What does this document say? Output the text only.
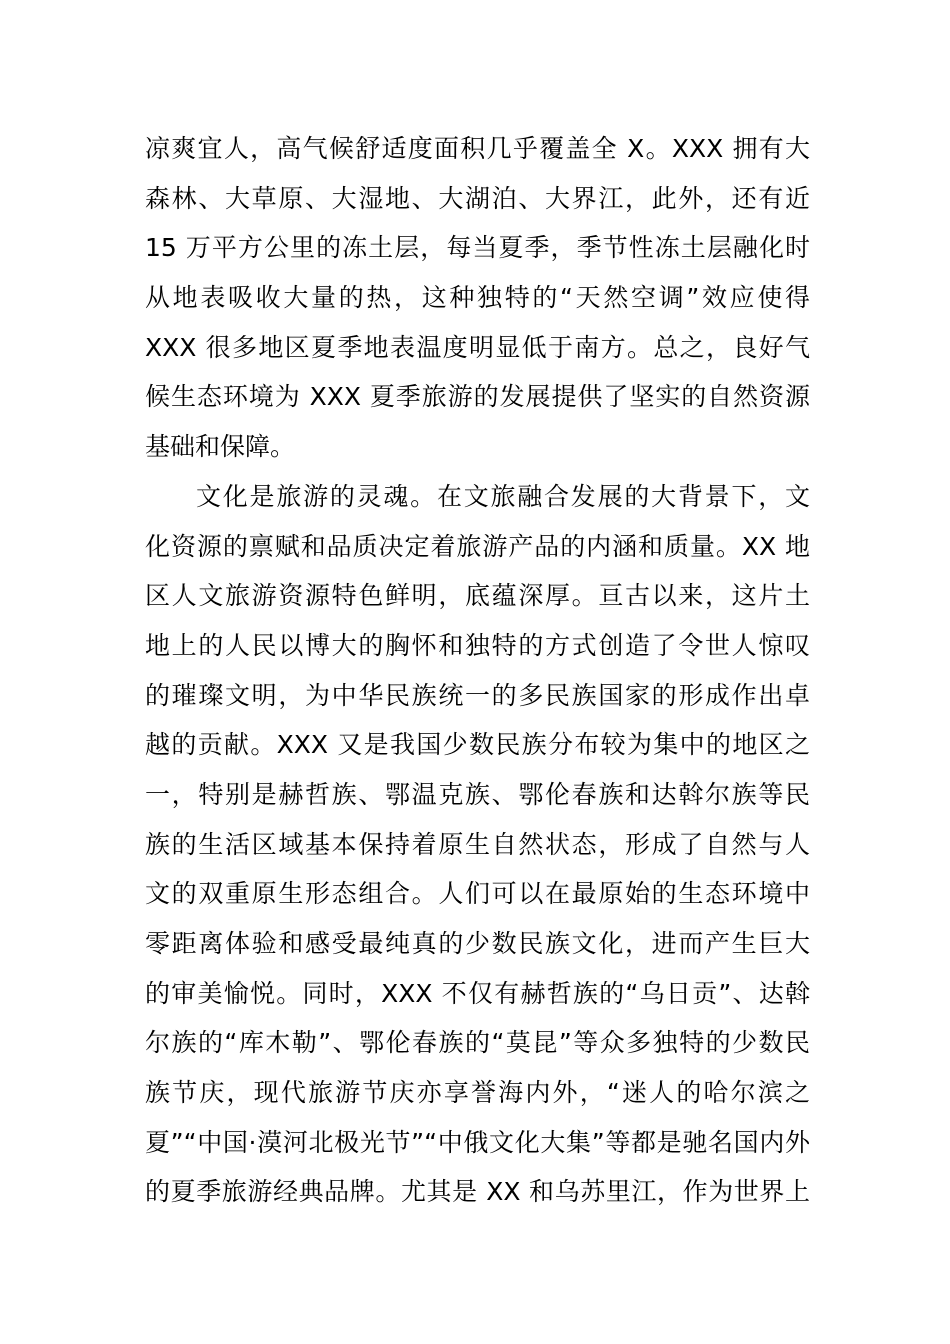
凉爽宜人，高气候舒适度面积几乎覆盖全 X。XXX 拥有大
森林、大草原、大湿地、大湖泊、大界江，此外，还有近
15 万平方公里的冻土层，每当夏季，季节性冻土层融化时
从地表吸收大量的热，这种独特的“天然空调”效应使得
XXX 很多地区夏季地表温度明显低于南方。总之，良好气
候生态环境为 XXX 夏季旅游的发展提供了坚实的自然资源
基础和保障。
文化是旅游的灵魂。在文旅融合发展的大背景下，文
化资源的禀赋和品质决定着旅游产品的内涵和质量。XX 地
区人文旅游资源特色鲜明，底蕴深厚。亘古以来，这片土
地上的人民以博大的胸怀和独特的方式创造了令世人惊叹
的璀璨文明，为中华民族统一的多民族国家的形成作出卓
越的贡献。XXX 又是我国少数民族分布较为集中的地区之
一，特别是赫哲族、鄂温克族、鄂伦春族和达斡尔族等民
族的生活区域基本保持着原生自然状态，形成了自然与人
文的双重原生形态组合。人们可以在最原始的生态环境中
零距离体验和感受最纯真的少数民族文化，进而产生巨大
的审美愉悦。同时，XXX 不仅有赫哲族的“乌日贡”、达斡
尔族的“库木勒”、鄂伦春族的“莫昆”等众多独特的少数民
族节庆，现代旅游节庆亦享誉海内外，“迷人的哈尔滨之
夏”“中国·漠河北极光节”“中俄文化大集”等都是驰名国内外
的夏季旅游经典品牌。尤其是 XX 和乌苏里江，作为世界上
